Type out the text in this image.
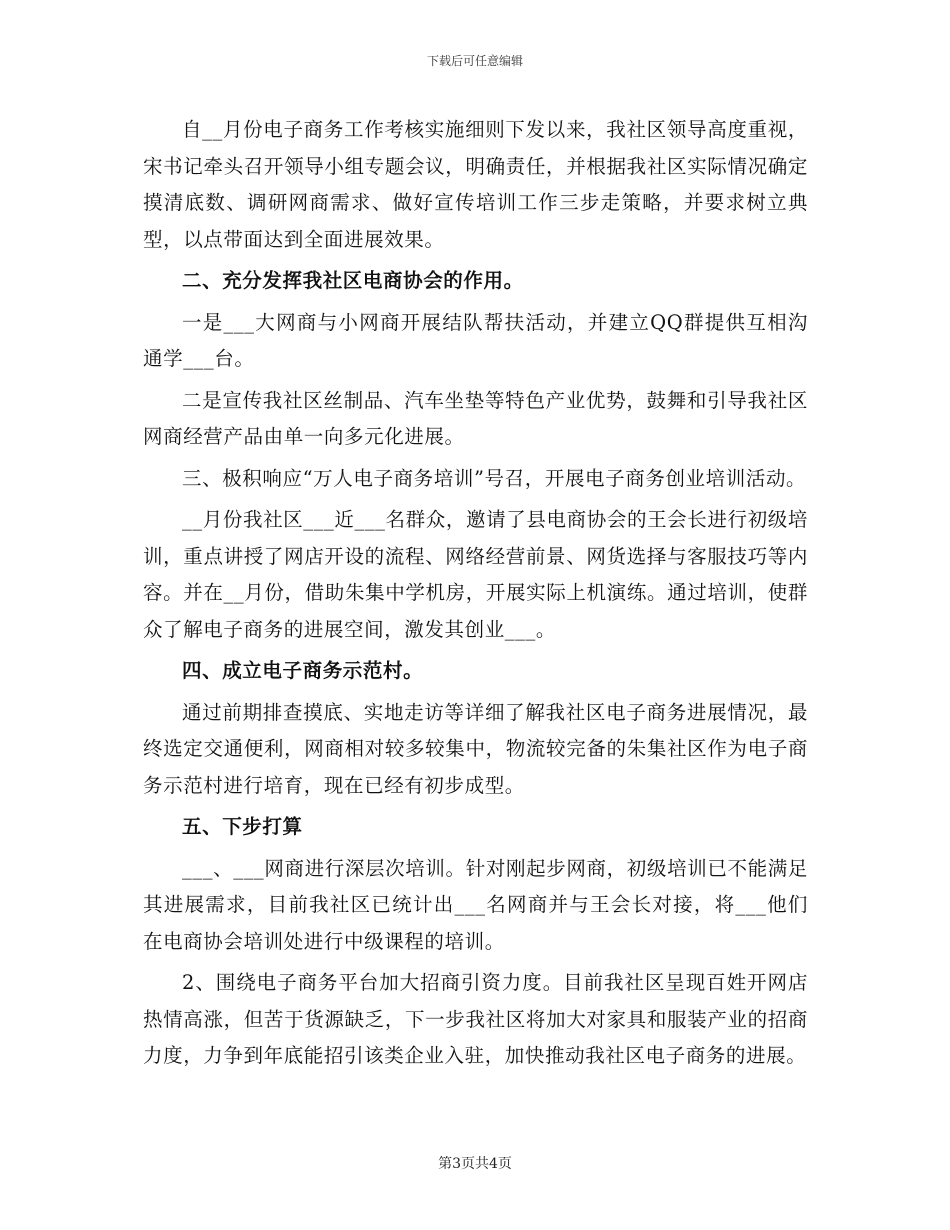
下载后可任意编辑

自__月份电子商务工作考核实施细则下发以来，我社区领导高度重视，宋书记牵头召开领导小组专题会议，明确责任，并根据我社区实际情况确定摸清底数、调研网商需求、做好宣传培训工作三步走策略，并要求树立典型，以点带面达到全面进展效果。

二、充分发挥我社区电商协会的作用。

一是___大网商与小网商开展结队帮扶活动，并建立QQ群提供互相沟通学___台。

二是宣传我社区丝制品、汽车坐垫等特色产业优势，鼓舞和引导我社区网商经营产品由单一向多元化进展。

三、极积响应“万人电子商务培训”号召，开展电子商务创业培训活动。

__月份我社区___近___名群众，邀请了县电商协会的王会长进行初级培训，重点讲授了网店开设的流程、网络经营前景、网货选择与客服技巧等内容。并在__月份，借助朱集中学机房，开展实际上机演练。通过培训，使群众了解电子商务的进展空间，激发其创业___。

四、成立电子商务示范村。

通过前期排查摸底、实地走访等详细了解我社区电子商务进展情况，最终选定交通便利，网商相对较多较集中，物流较完备的朱集社区作为电子商务示范村进行培育，现在已经有初步成型。

五、下步打算

___、___网商进行深层次培训。针对刚起步网商，初级培训已不能满足其进展需求，目前我社区已统计出___名网商并与王会长对接，将___他们在电商协会培训处进行中级课程的培训。

2、围绕电子商务平台加大招商引资力度。目前我社区呈现百姓开网店热情高涨，但苦于货源缺乏，下一步我社区将加大对家具和服装产业的招商力度，力争到年底能招引该类企业入驻，加快推动我社区电子商务的进展。

第3页共4页
